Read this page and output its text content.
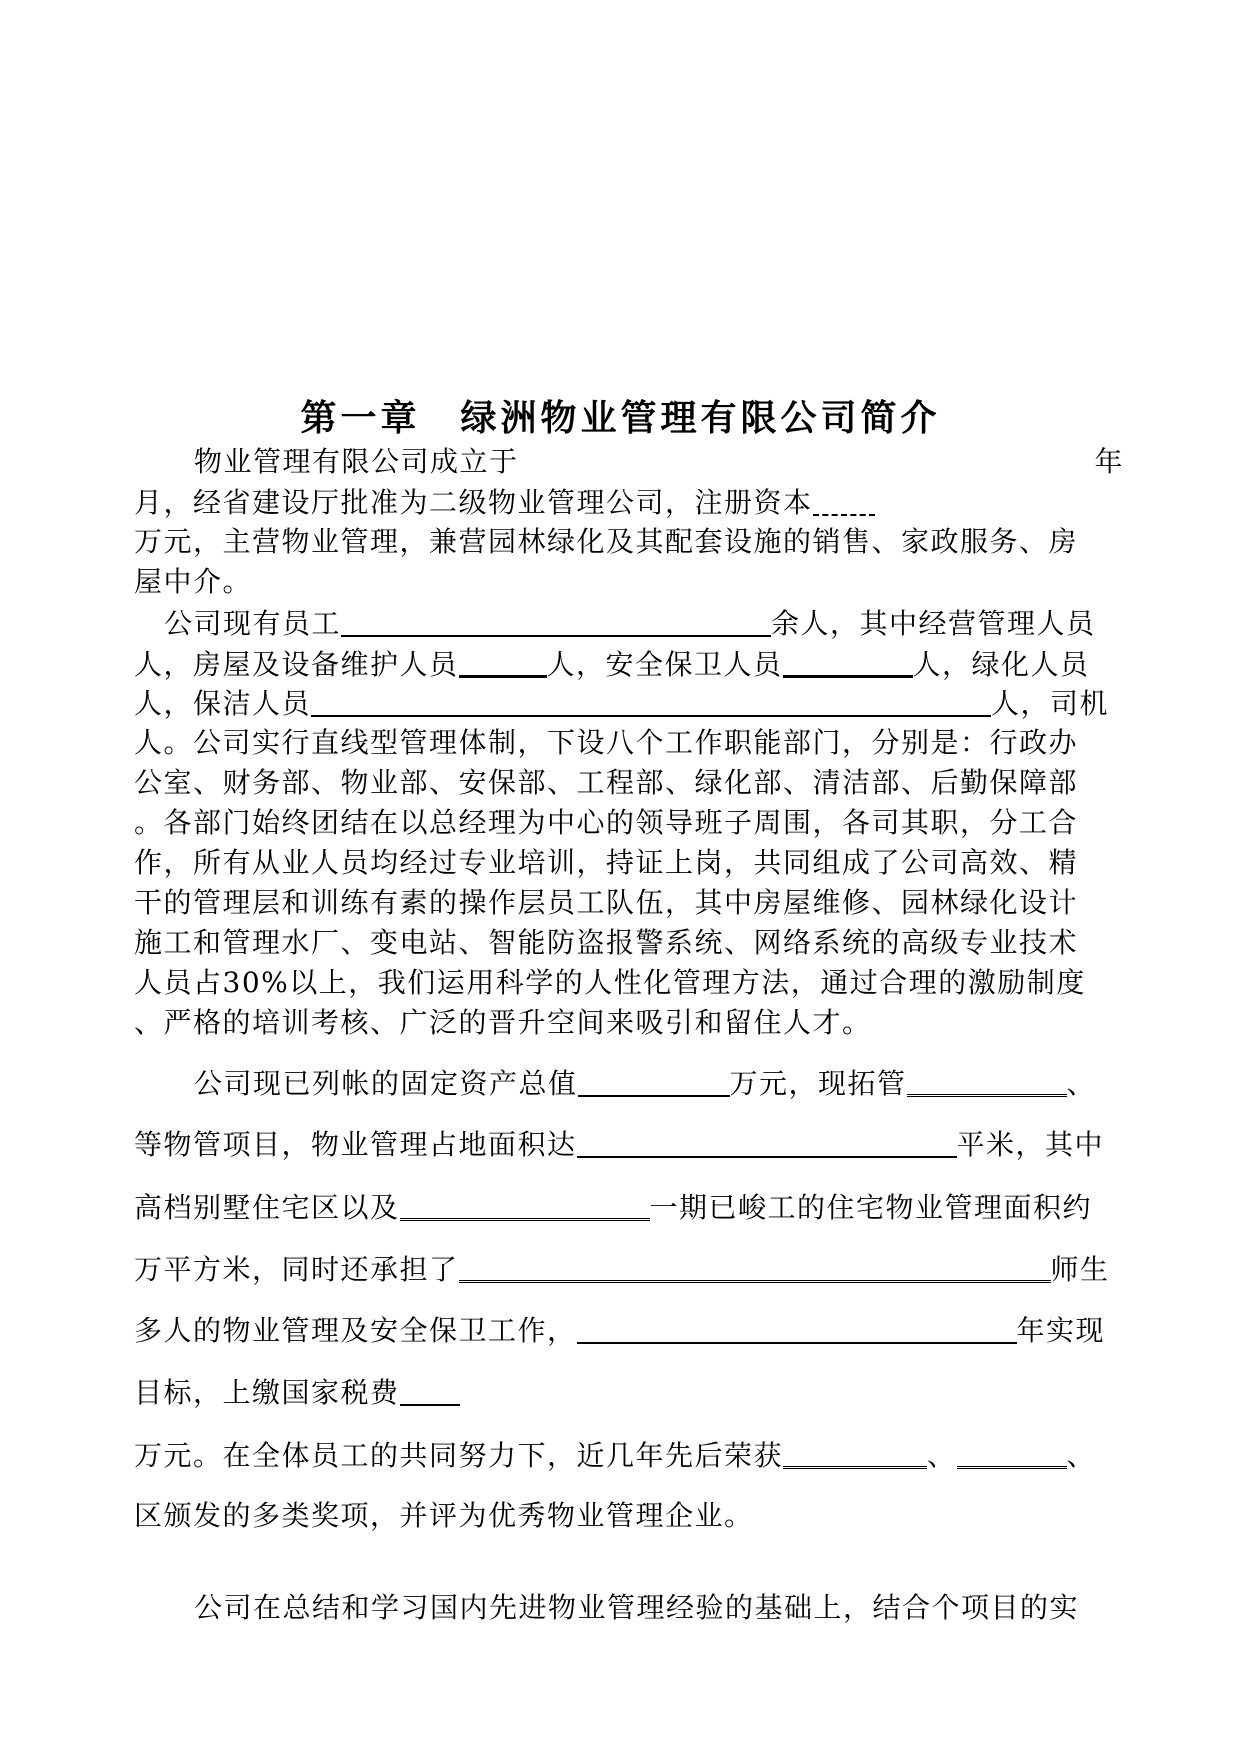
第一章　绿洲物业管理有限公司简介
物业管理有限公司成立于	年
月，经省建设厅批准为二级物业管理公司，注册资本
万元，主营物业管理，兼营园林绿化及其配套设施的销售、家政服务、房
屋中介。
公司现有员工	余人，其中经营管理人员
人，房屋及设备维护人员	人，安全保卫人员	人，绿化人员
人，保洁人员	人，司机
人。公司实行直线型管理体制，下设八个工作职能部门，分别是：行政办
公室、财务部、物业部、安保部、工程部、绿化部、清洁部、后勤保障部
。各部门始终团结在以总经理为中心的领导班子周围，各司其职，分工合
作，所有从业人员均经过专业培训，持证上岗，共同组成了公司高效、精
干的管理层和训练有素的操作层员工队伍，其中房屋维修、园林绿化设计
施工和管理水厂、变电站、智能防盗报警系统、网络系统的高级专业技术
人员占30%以上，我们运用科学的人性化管理方法，通过合理的激励制度
、严格的培训考核、广泛的晋升空间来吸引和留住人才。
公司现已列帐的固定资产总值	万元，现拓管	、
等物管项目，物业管理占地面积达	平米，其中
高档别墅住宅区以及	一期已峻工的住宅物业管理面积约
万平方米，同时还承担了	师生
多人的物业管理及安全保卫工作，	年实现
目标，上缴国家税费
万元。在全体员工的共同努力下，近几年先后荣获	、	、
区颁发的多类奖项，并评为优秀物业管理企业。
公司在总结和学习国内先进物业管理经验的基础上，结合个项目的实
